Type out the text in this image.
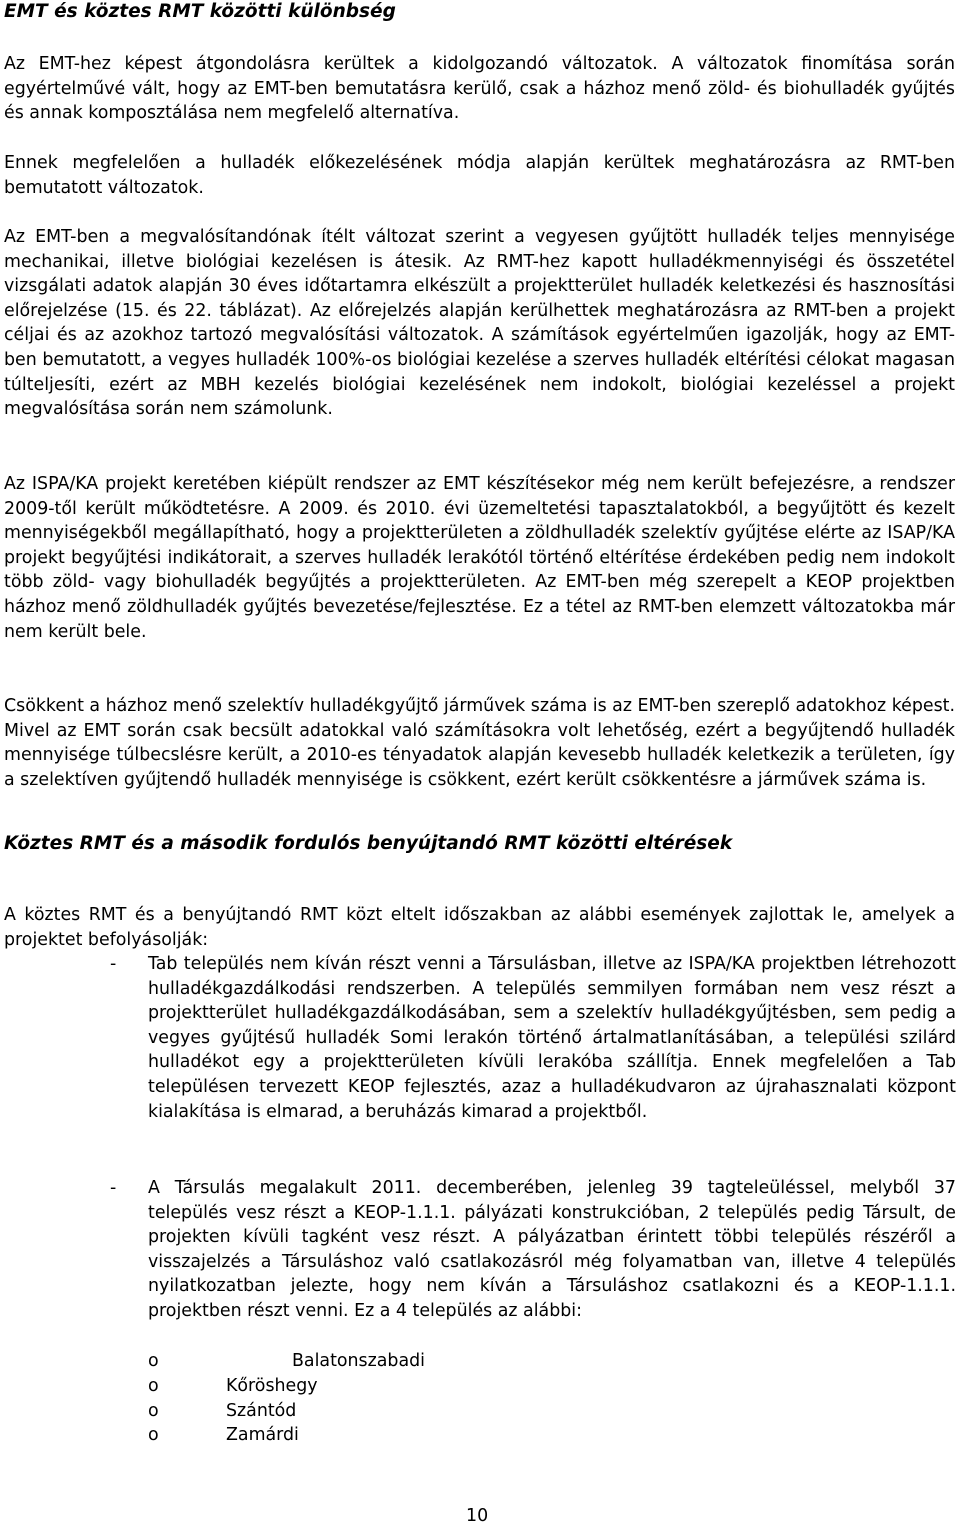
EMT és köztes RMT közötti különbség
Az EMT-hez képest átgondolásra kerültek a kidolgozandó változatok. A változatok finomítása során egyértelművé vált, hogy az EMT-ben bemutatásra kerülő, csak a házhoz menő zöld- és biohulladék gyűjtés és annak komposztálása nem megfelelő alternatíva.
Ennek megfelelően a hulladék előkezelésének módja alapján kerültek meghatározásra az RMT-ben bemutatott változatok.
Az EMT-ben a megvalósítandónak ítélt változat szerint a vegyesen gyűjtött hulladék teljes mennyisége mechanikai, illetve biológiai kezelésen is átesik. Az RMT-hez kapott hulladékmennyiségi és összetétel vizsgálati adatok alapján 30 éves időtartamra elkészült a projektterület hulladék keletkezési és hasznosítási előrejelzése (15. és 22. táblázat). Az előrejelzés alapján kerülhettek meghatározásra az RMT-ben a projekt céljai és az azokhoz tartozó megvalósítási változatok. A számítások egyértelműen igazolják, hogy az EMT-ben bemutatott, a vegyes hulladék 100%-os biológiai kezelése a szerves hulladék eltérítési célokat magasan túlteljesíti, ezért az MBH kezelés biológiai kezelésének nem indokolt, biológiai kezeléssel a projekt megvalósítása során nem számolunk.
Az ISPA/KA projekt keretében kiépült rendszer az EMT készítésekor még nem került befejezésre, a rendszer 2009-től került működtetésre. A 2009. és 2010. évi üzemeltetési tapasztalatokból, a begyűjtött és kezelt mennyiségekből megállapítható, hogy a projektterületen a zöldhulladék szelektív gyűjtése elérte az ISAP/KA projekt begyűjtési indikátorait, a szerves hulladék lerakótól történő eltérítése érdekében pedig nem indokolt több zöld- vagy biohulladék begyűjtés a projektterületen. Az EMT-ben még szerepelt a KEOP projektben házhoz menő zöldhulladék gyűjtés bevezetése/fejlesztése. Ez a tétel az RMT-ben elemzett változatokba már nem került bele.
Csökkent a házhoz menő szelektív hulladékgyűjtő járművek száma is az EMT-ben szereplő adatokhoz képest. Mivel az EMT során csak becsült adatokkal való számításokra volt lehetőség, ezért a begyűjtendő hulladék mennyisége túlbecslésre került, a 2010-es tényadatok alapján kevesebb hulladék keletkezik a területen, így a szelektíven gyűjtendő hulladék mennyisége is csökkent, ezért került csökkentésre a járművek száma is.
Köztes RMT és a második fordulós benyújtandó RMT közötti eltérések
A köztes RMT és a benyújtandó RMT közt eltelt időszakban az alábbi események zajlottak le, amelyek a projektet befolyásolják:
- Tab település nem kíván részt venni a Társulásban, illetve az ISPA/KA projektben létrehozott hulladékgazdálkodási rendszerben. A település semmilyen formában nem vesz részt a projektterület hulladékgazdálkodásában, sem a szelektív hulladékgyűjtésben, sem pedig a vegyes gyűjtésű hulladék Somi lerakón történő ártalmatlanításában, a települési szilárd hulladékot egy a projektterületen kívüli lerakóba szállítja. Ennek megfelelően a Tab településen tervezett KEOP fejlesztés, azaz a hulladékudvaron az újrahasznalati központ kialakítása is elmarad, a beruházás kimarad a projektből.
- A Társulás megalakult 2011. decemberében, jelenleg 39 tagteleüléssel, melyből 37 település vesz részt a KEOP-1.1.1. pályázati konstrukcióban, 2 település pedig Társult, de projekten kívüli tagként vesz részt. A pályázatban érintett többi település részéről a visszajelzés a Társuláshoz való csatlakozásról még folyamatban van, illetve 4 település nyilatkozatban jelezte, hogy nem kíván a Társuláshoz csatlakozni és a KEOP-1.1.1. projektben részt venni. Ez a 4 település az alábbi:
o	Balatonszabadi
o	Kőröshegy
o	Szántód
o	Zamárdi
10
